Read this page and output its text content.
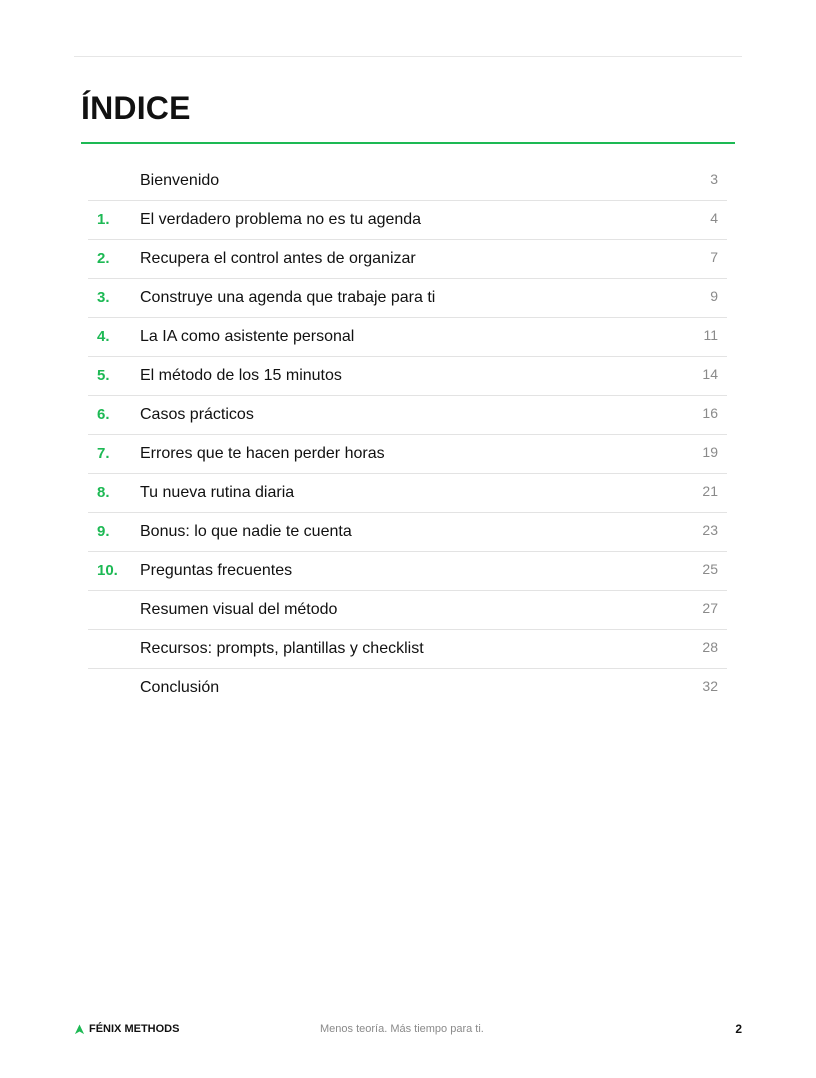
ÍNDICE
Bienvenido	3
1. El verdadero problema no es tu agenda	4
2. Recupera el control antes de organizar	7
3. Construye una agenda que trabaje para ti	9
4. La IA como asistente personal	11
5. El método de los 15 minutos	14
6. Casos prácticos	16
7. Errores que te hacen perder horas	19
8. Tu nueva rutina diaria	21
9. Bonus: lo que nadie te cuenta	23
10. Preguntas frecuentes	25
Resumen visual del método	27
Recursos: prompts, plantillas y checklist	28
Conclusión	32
FÉNIX METHODS	Menos teoría. Más tiempo para ti.	2
